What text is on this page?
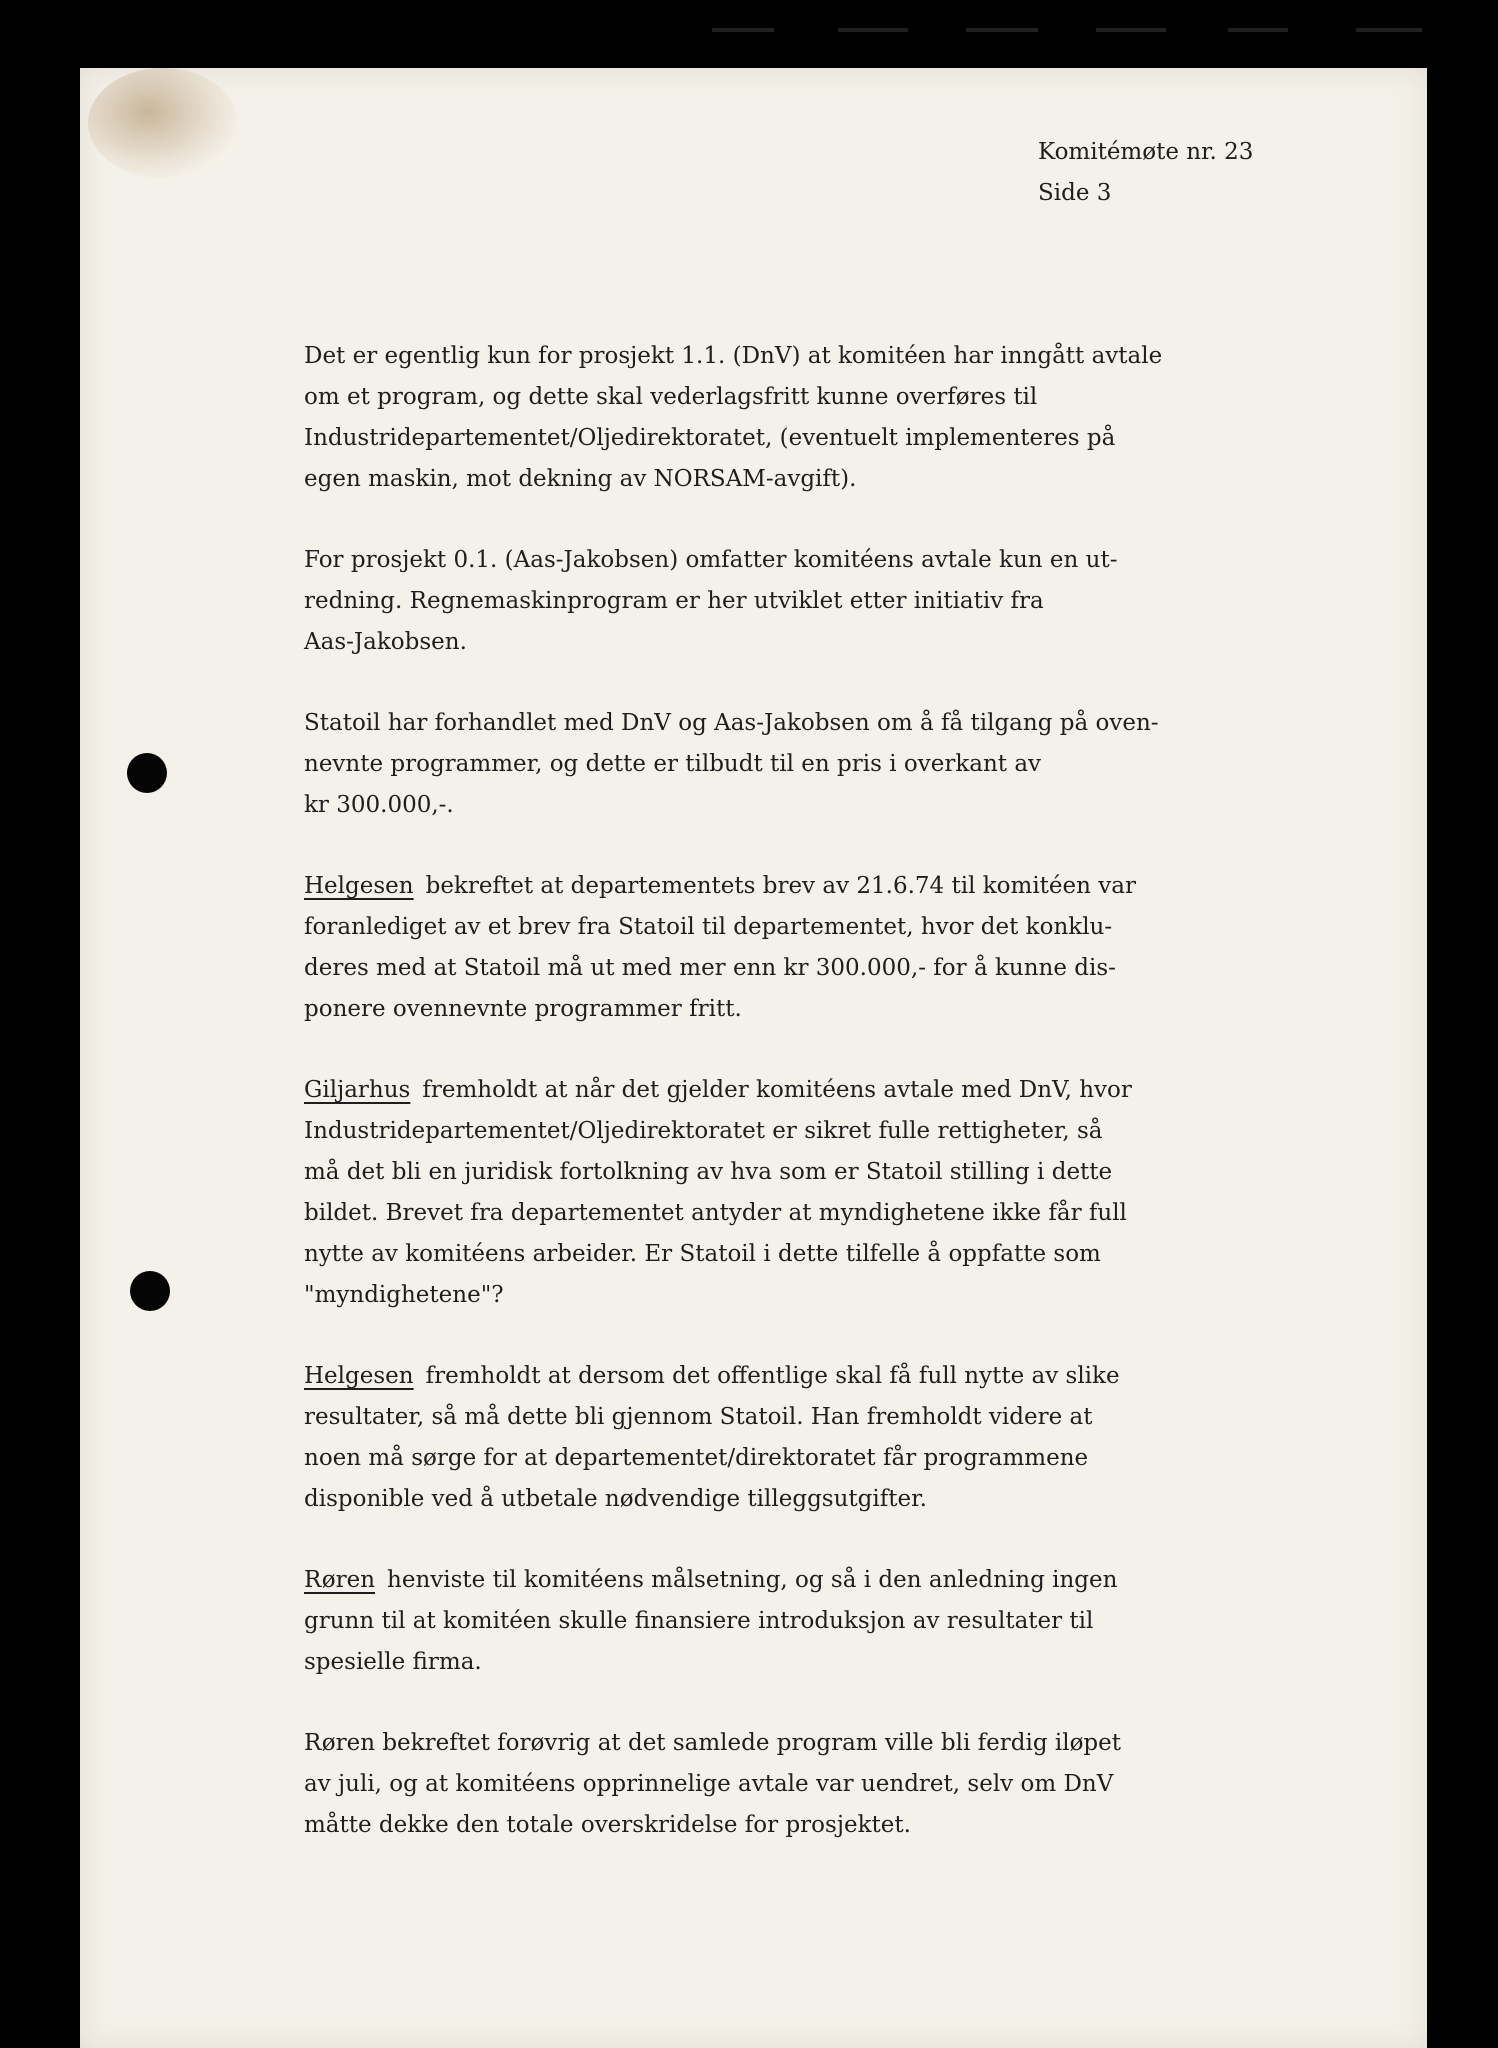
Komitémøte nr. 23
Side 3
Det er egentlig kun for prosjekt 1.1. (DnV) at komitéen har inngått avtale
om et program, og dette skal vederlagsfritt kunne overføres til
Industridepartementet/Oljedirektoratet, (eventuelt implementeres på
egen maskin, mot dekning av NORSAM-avgift).
For prosjekt 0.1. (Aas-Jakobsen) omfatter komitéens avtale kun en ut-
redning. Regnemaskinprogram er her utviklet etter initiativ fra
Aas-Jakobsen.
Statoil har forhandlet med DnV og Aas-Jakobsen om å få tilgang på oven-
nevnte programmer, og dette er tilbudt til en pris i overkant av
kr 300.000,-.
Helgesen bekreftet at departementets brev av 21.6.74 til komitéen var
foranlediget av et brev fra Statoil til departementet, hvor det konklu-
deres med at Statoil må ut med mer enn kr 300.000,- for å kunne dis-
ponere ovennevnte programmer fritt.
Giljarhus fremholdt at når det gjelder komitéens avtale med DnV, hvor
Industridepartementet/Oljedirektoratet er sikret fulle rettigheter, så
må det bli en juridisk fortolkning av hva som er Statoil stilling i dette
bildet. Brevet fra departementet antyder at myndighetene ikke får full
nytte av komitéens arbeider. Er Statoil i dette tilfelle å oppfatte som
"myndighetene"?
Helgesen fremholdt at dersom det offentlige skal få full nytte av slike
resultater, så må dette bli gjennom Statoil. Han fremholdt videre at
noen må sørge for at departementet/direktoratet får programmene
disponible ved å utbetale nødvendige tilleggsutgifter.
Røren henviste til komitéens målsetning, og så i den anledning ingen
grunn til at komitéen skulle finansiere introduksjon av resultater til
spesielle firma.
Røren bekreftet forøvrig at det samlede program ville bli ferdig iløpet
av juli, og at komitéens opprinnelige avtale var uendret, selv om DnV
måtte dekke den totale overskridelse for prosjektet.
